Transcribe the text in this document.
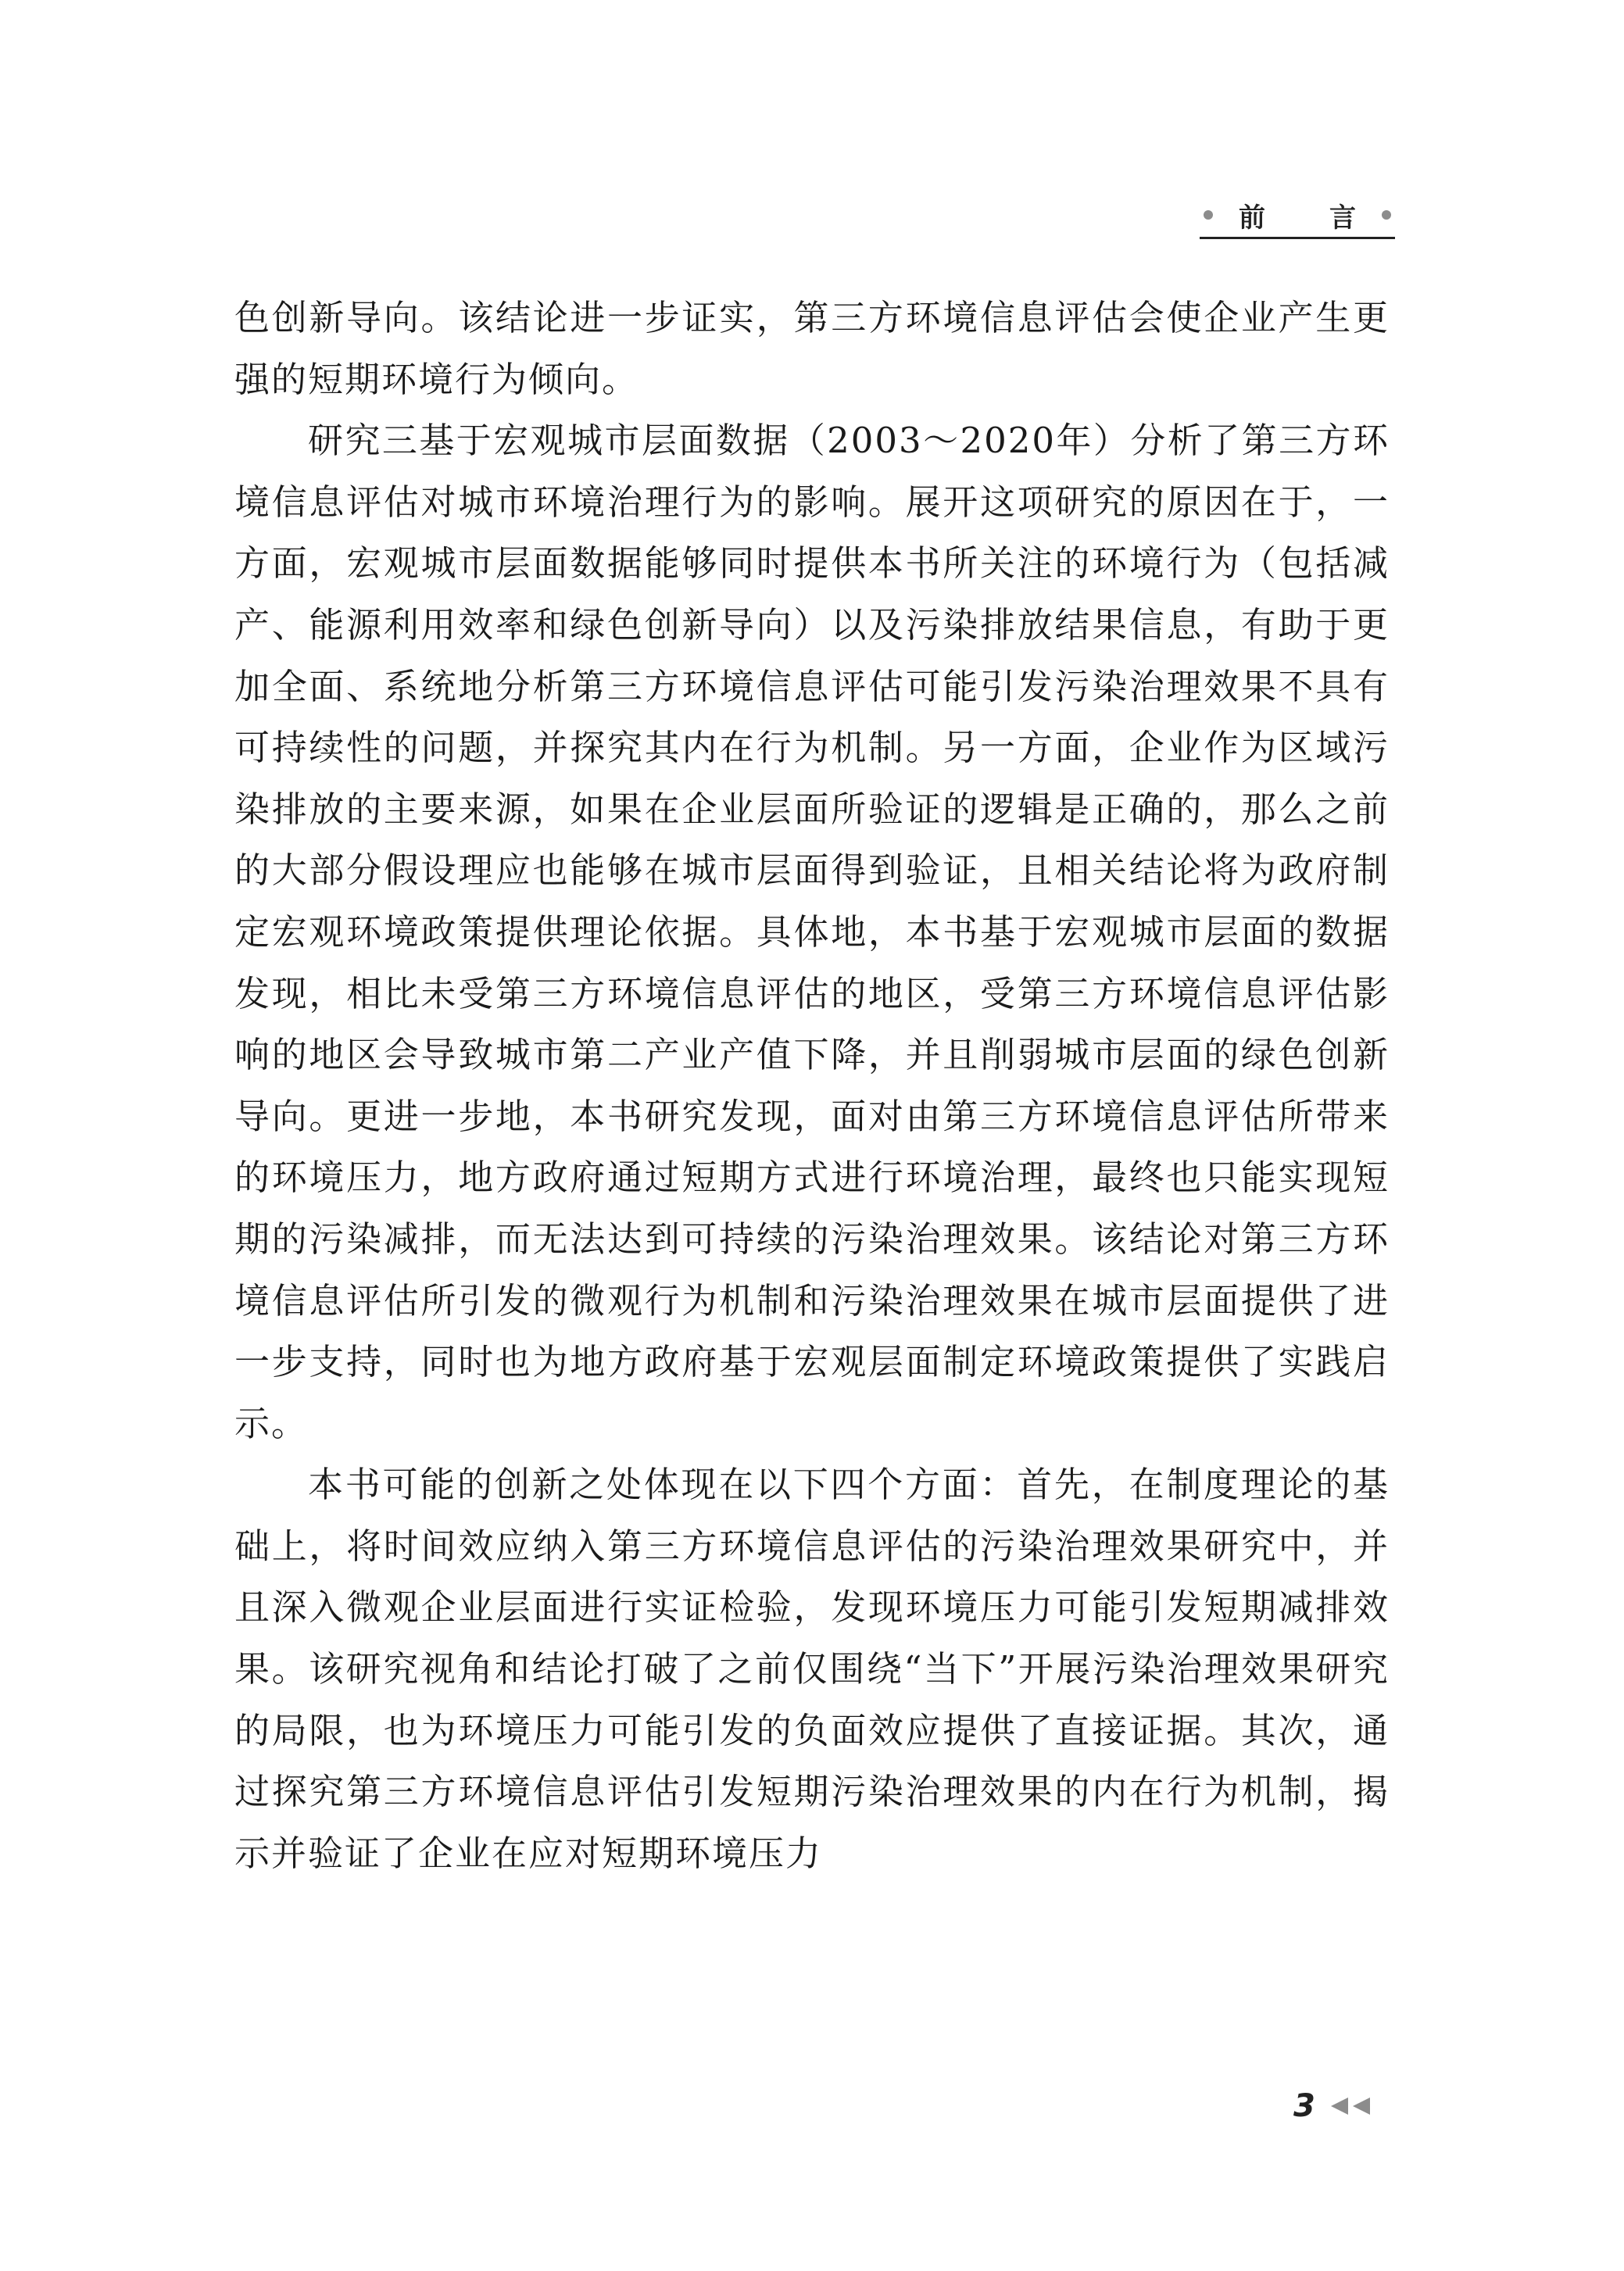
前 言

色创新导向。该结论进一步证实，第三方环境信息评估会使企业产生更强的短期环境行为倾向。

研究三基于宏观城市层面数据（2003～2020年）分析了第三方环境信息评估对城市环境治理行为的影响。展开这项研究的原因在于，一方面，宏观城市层面数据能够同时提供本书所关注的环境行为（包括减产、能源利用效率和绿色创新导向）以及污染排放结果信息，有助于更加全面、系统地分析第三方环境信息评估可能引发污染治理效果不具有可持续性的问题，并探究其内在行为机制。另一方面，企业作为区域污染排放的主要来源，如果在企业层面所验证的逻辑是正确的，那么之前的大部分假设理应也能够在城市层面得到验证，且相关结论将为政府制定宏观环境政策提供理论依据。具体地，本书基于宏观城市层面的数据发现，相比未受第三方环境信息评估的地区，受第三方环境信息评估影响的地区会导致城市第二产业产值下降，并且削弱城市层面的绿色创新导向。更进一步地，本书研究发现，面对由第三方环境信息评估所带来的环境压力，地方政府通过短期方式进行环境治理，最终也只能实现短期的污染减排，而无法达到可持续的污染治理效果。该结论对第三方环境信息评估所引发的微观行为机制和污染治理效果在城市层面提供了进一步支持，同时也为地方政府基于宏观层面制定环境政策提供了实践启示。

本书可能的创新之处体现在以下四个方面：首先，在制度理论的基础上，将时间效应纳入第三方环境信息评估的污染治理效果研究中，并且深入微观企业层面进行实证检验，发现环境压力可能引发短期减排效果。该研究视角和结论打破了之前仅围绕“当下”开展污染治理效果研究的局限，也为环境压力可能引发的负面效应提供了直接证据。其次，通过探究第三方环境信息评估引发短期污染治理效果的内在行为机制，揭示并验证了企业在应对短期环境压力

3
